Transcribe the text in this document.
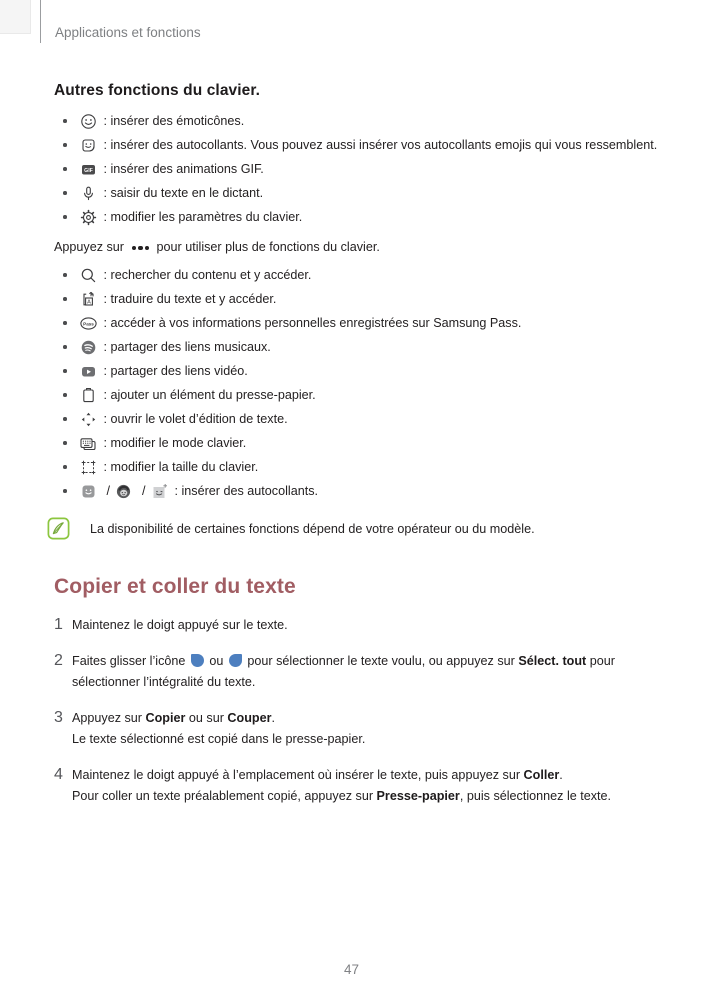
Applications et fonctions
Autres fonctions du clavier.
: insérer des émoticônes.
: insérer des autocollants. Vous pouvez aussi insérer vos autocollants emojis qui vous ressemblent.
GIF : insérer des animations GIF.
: saisir du texte en le dictant.
: modifier les paramètres du clavier.

Appuyez sur	pour utiliser plus de fonctions du clavier.

: rechercher du contenu et y accéder.
A : traduire du texte et y accéder.
Pass : accéder à vos informations personnelles enregistrées sur Samsung Pass.
: partager des liens musicaux.
: partager des liens vidéo.
: ajouter un élément du presse-papier.
: ouvrir le volet d’édition de texte.
: modifier le mode clavier.
: modifier la taille du clavier.
/	/ : insérer des autocollants.
La disponibilité de certaines fonctions dépend de votre opérateur ou du modèle.
Copier et coller du texte
1 Maintenez le doigt appuyé sur le texte.

2 Faites glisser l’icône ou pour sélectionner le texte voulu, ou appuyez sur Sélect. tout pour sélectionner l’intégralité du texte.

3 Appuyez sur Copier ou sur Couper.

Le texte sélectionné est copié dans le presse-papier.

4 Maintenez le doigt appuyé à l’emplacement où insérer le texte, puis appuyez sur Coller.

Pour coller un texte préalablement copié, appuyez sur Presse-papier, puis sélectionnez le texte.

47
